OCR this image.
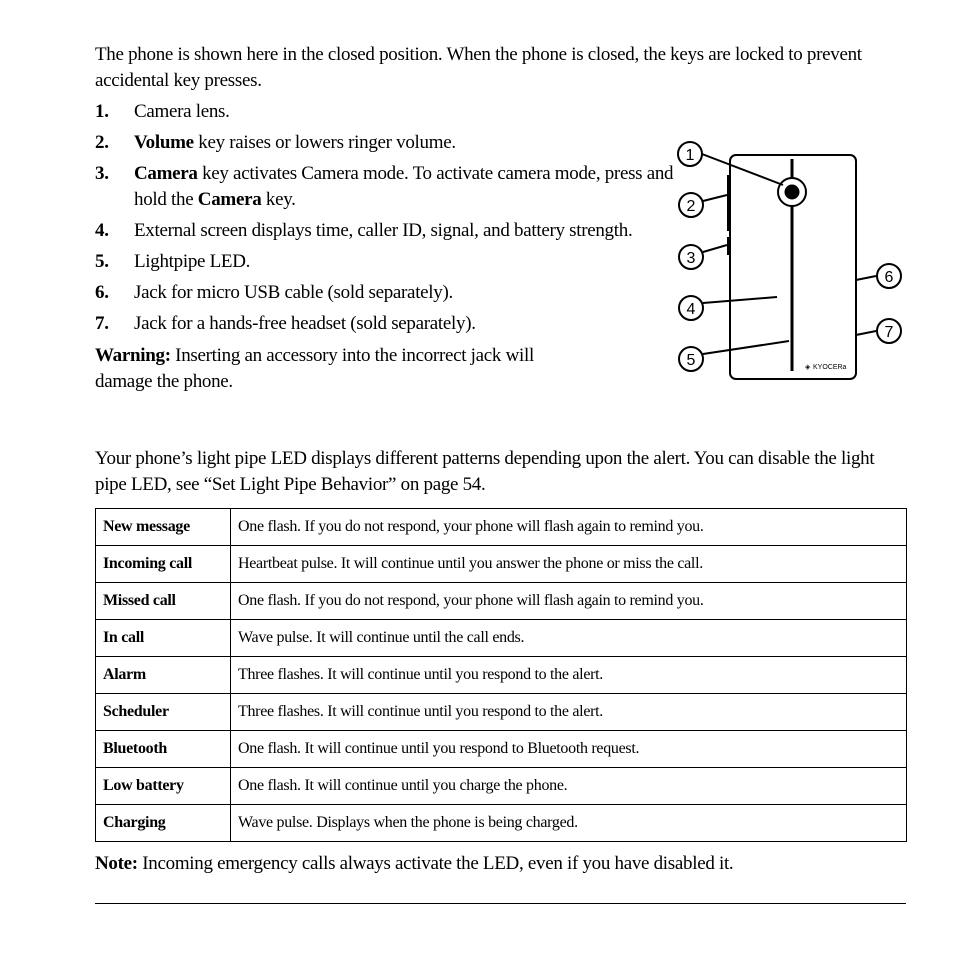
The phone is shown here in the closed position. When the phone is closed, the keys are locked to prevent accidental key presses.

1. Camera lens.
2. Volume key raises or lowers ringer volume.
3. Camera key activates Camera mode. To activate camera mode, press and hold the Camera key.
4. External screen displays time, caller ID, signal, and battery strength.
5. Lightpipe LED.
6. Jack for micro USB cable (sold separately).
7. Jack for a hands-free headset (sold separately).

Warning: Inserting an accessory into the incorrect jack will damage the phone.

◈ KYOCERa
1
2
3
4
5
6
7

Your phone’s light pipe LED displays different patterns depending upon the alert. You can disable the light pipe LED, see “Set Light Pipe Behavior” on page 54.

New message	One flash. If you do not respond, your phone will flash again to remind you.
Incoming call	Heartbeat pulse. It will continue until you answer the phone or miss the call.
Missed call	One flash. If you do not respond, your phone will flash again to remind you.
In call	Wave pulse. It will continue until the call ends.
Alarm	Three flashes. It will continue until you respond to the alert.
Scheduler	Three flashes. It will continue until you respond to the alert.
Bluetooth	One flash. It will continue until you respond to Bluetooth request.
Low battery	One flash. It will continue until you charge the phone.
Charging	Wave pulse. Displays when the phone is being charged.

Note: Incoming emergency calls always activate the LED, even if you have disabled it.
